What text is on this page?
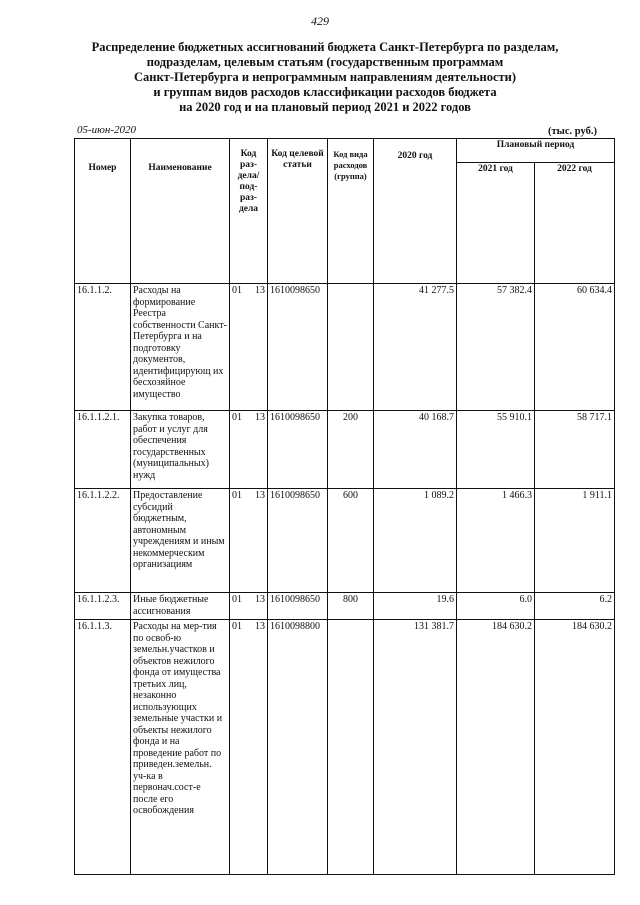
429
Распределение бюджетных ассигнований бюджета Санкт-Петербурга по разделам,
подразделам, целевым статьям (государственным программам
Санкт-Петербурга и непрограммным направлениям деятельности)
и группам видов расходов классификации расходов бюджета
на 2020 год и на плановый период 2021 и 2022 годов
05-июн-2020	(тыс. руб.)
Номер	Наименование	Код раз- дела/ под- раз- дела	Код целевой статьи	Код вида расходов (группа)	2020 год	Плановый период	
						2021 год	2022 год
16.1.1.2.	Расходы на формирование Реестра собственности Санкт-Петербурга и на подготовку документов, идентифицирующ их бесхозяйное имущество	01 13	1610098650		41 277.5	57 382.4	60 634.4
16.1.1.2.1.	Закупка товаров, работ и услуг для обеспечения государственных (муниципальных) нужд	01 13	1610098650	200	40 168.7	55 910.1	58 717.1
16.1.1.2.2.	Предоставление субсидий бюджетным, автономным учреждениям и иным некоммерческим организациям	01 13	1610098650	600	1 089.2	1 466.3	1 911.1
16.1.1.2.3.	Иные бюджетные ассигнования	01 13	1610098650	800	19.6	6.0	6.2
16.1.1.3.	Расходы на мер-тия по освоб-ю земельн.участков и объектов нежилого фонда от имущества третьих лиц, незаконно использующих земельные участки и объекты нежилого фонда и на проведение работ по приведен.земельн. уч-ка в первонач.сост-е после его освобождения	01 13	1610098800		131 381.7	184 630.2	184 630.2
